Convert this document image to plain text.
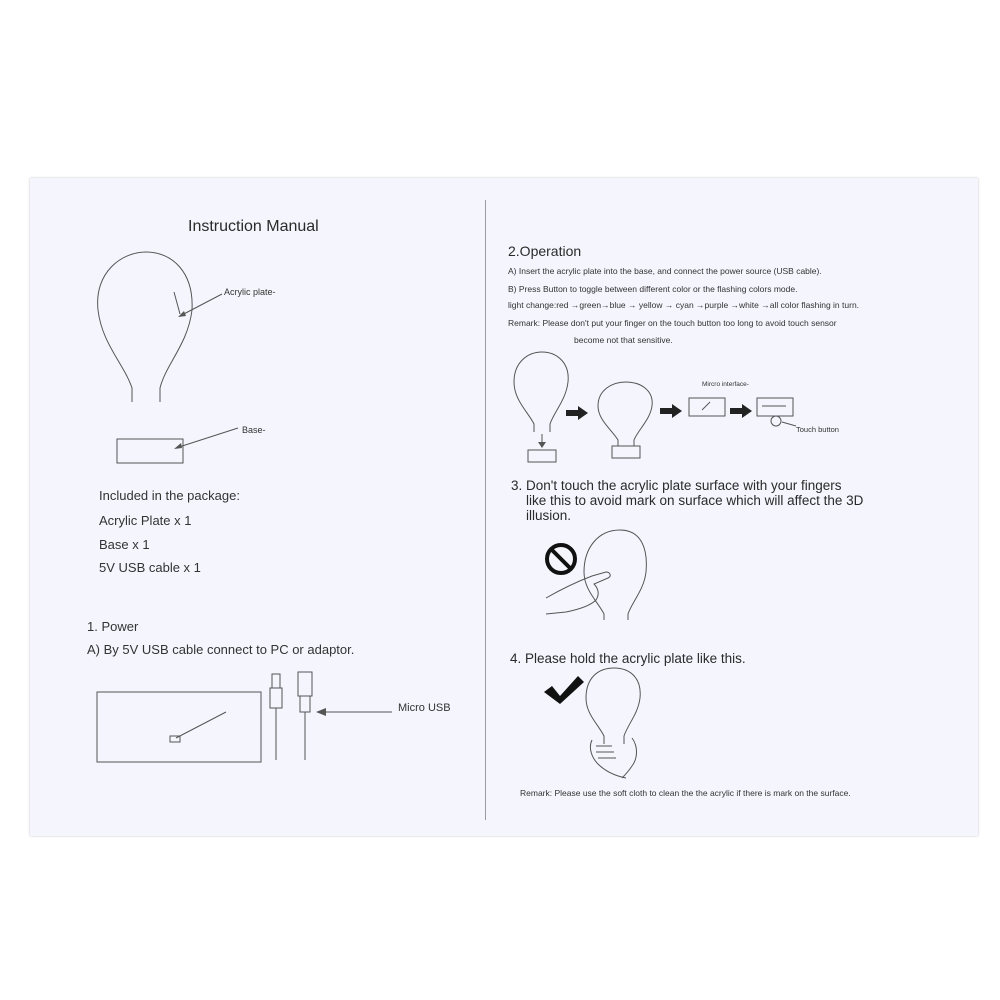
Instruction Manual
Acrylic plate-
Base-
Included in the package:
Acrylic Plate x 1
Base x 1
5V USB cable x 1
1. Power
A) By 5V USB cable connect to PC or adaptor.
Micro USB
2.Operation
A) Insert the acrylic plate into the base, and connect the power source (USB cable).
B) Press Button to toggle between different color or the flashing colors mode.
light change:red →green→blue → yellow → cyan →purple →white →all color flashing in turn.
Remark: Please don't put your finger on the touch button too long to avoid touch sensor
become not that sensitive.
Mircro interface-
Touch button
3. Don't touch the acrylic plate surface with your fingers
like this to avoid mark on surface which will affect the 3D
illusion.
4. Please hold the acrylic plate like this.
Remark: Please use the soft cloth to clean the the acrylic if there is mark on the surface.
